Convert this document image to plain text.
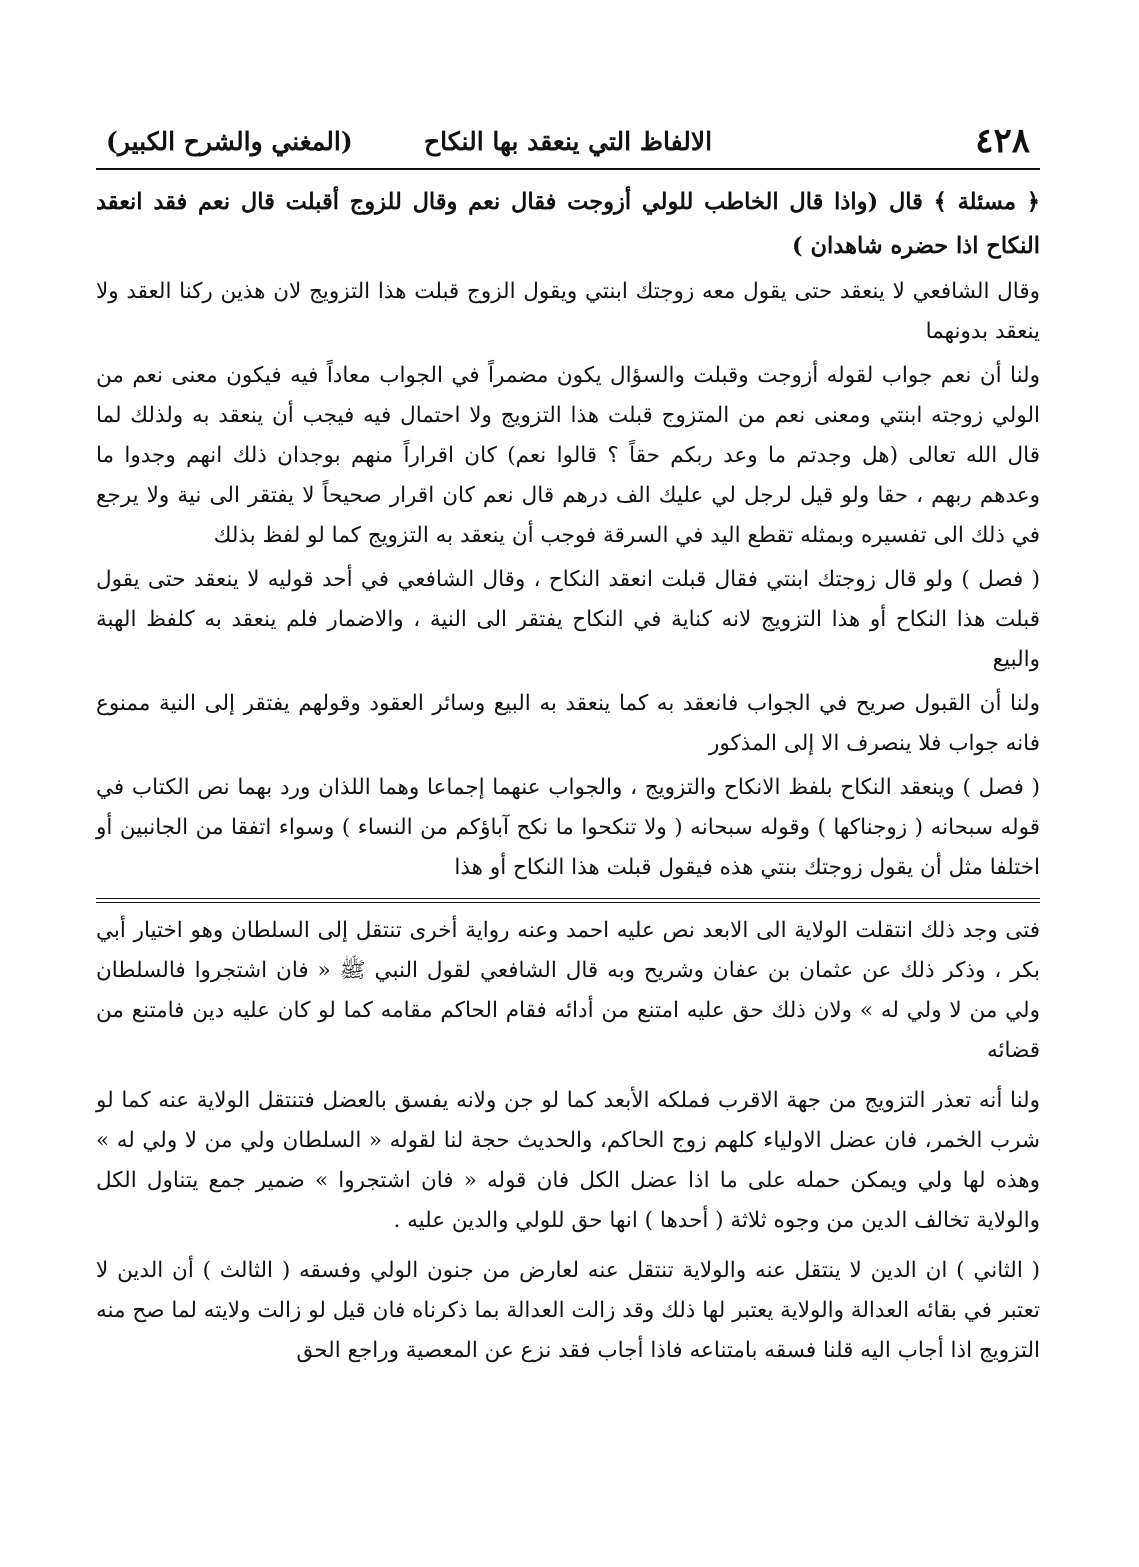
٤٢٨
الالفاظ التي ينعقد بها النكاح
(المغني والشرح الكبير)

﴿ مسئلة ﴾ قال (واذا قال الخاطب للولي أزوجت فقال نعم وقال للزوج أقبلت قال نعم فقد انعقد النكاح اذا حضره شاهدان )

وقال الشافعي لا ينعقد حتى يقول معه زوجتك ابنتي ويقول الزوج قبلت هذا التزويج لان هذين ركنا العقد ولا ينعقد بدونهما

ولنا أن نعم جواب لقوله أزوجت وقبلت والسؤال يكون مضمراً في الجواب معاداً فيه فيكون معنى نعم من الولي زوجته ابنتي ومعنى نعم من المتزوج قبلت هذا التزويج ولا احتمال فيه فيجب أن ينعقد به ولذلك لما قال الله تعالى (هل وجدتم ما وعد ربكم حقاً ؟ قالوا نعم) كان اقراراً منهم بوجدان ذلك انهم وجدوا ما وعدهم ربهم ، حقا ولو قيل لرجل لي عليك الف درهم قال نعم كان اقرار صحيحاً لا يفتقر الى نية ولا يرجع في ذلك الى تفسيره وبمثله تقطع اليد في السرقة فوجب أن ينعقد به التزويج كما لو لفظ بذلك

( فصل ) ولو قال زوجتك ابنتي فقال قبلت انعقد النكاح ، وقال الشافعي في أحد قوليه لا ينعقد حتى يقول قبلت هذا النكاح أو هذا التزويج لانه كناية في النكاح يفتقر الى النية ، والاضمار فلم ينعقد به كلفظ الهبة والبيع

ولنا أن القبول صريح في الجواب فانعقد به كما ينعقد به البيع وسائر العقود وقولهم يفتقر إلى النية ممنوع فانه جواب فلا ينصرف الا إلى المذكور

( فصل ) وينعقد النكاح بلفظ الانكاح والتزويج ، والجواب عنهما إجماعا وهما اللذان ورد بهما نص الكتاب في قوله سبحانه ( زوجناكها ) وقوله سبحانه ( ولا تنكحوا ما نكح آباؤكم من النساء ) وسواء اتفقا من الجانبين أو اختلفا مثل أن يقول زوجتك بنتي هذه فيقول قبلت هذا النكاح أو هذا

فتى وجد ذلك انتقلت الولاية الى الابعد نص عليه احمد وعنه رواية أخرى تنتقل إلى السلطان وهو اختيار أبي بكر ، وذكر ذلك عن عثمان بن عفان وشريح وبه قال الشافعي لقول النبي ﷺ « فان اشتجروا فالسلطان ولي من لا ولي له » ولان ذلك حق عليه امتنع من أدائه فقام الحاكم مقامه كما لو كان عليه دين فامتنع من قضائه

ولنا أنه تعذر التزويج من جهة الاقرب فملكه الأبعد كما لو جن ولانه يفسق بالعضل فتنتقل الولاية عنه كما لو شرب الخمر، فان عضل الاولياء كلهم زوج الحاكم، والحديث حجة لنا لقوله « السلطان ولي من لا ولي له » وهذه لها ولي ويمكن حمله على ما اذا عضل الكل فان قوله « فان اشتجروا » ضمير جمع يتناول الكل والولاية تخالف الدين من وجوه ثلاثة ( أحدها ) انها حق للولي والدين عليه .

( الثاني ) ان الدين لا ينتقل عنه والولاية تنتقل عنه لعارض من جنون الولي وفسقه ( الثالث ) أن الدين لا تعتبر في بقائه العدالة والولاية يعتبر لها ذلك وقد زالت العدالة بما ذكرناه فان قيل لو زالت ولايته لما صح منه التزويج اذا أجاب اليه قلنا فسقه بامتناعه فاذا أجاب فقد نزع عن المعصية وراجع الحق
